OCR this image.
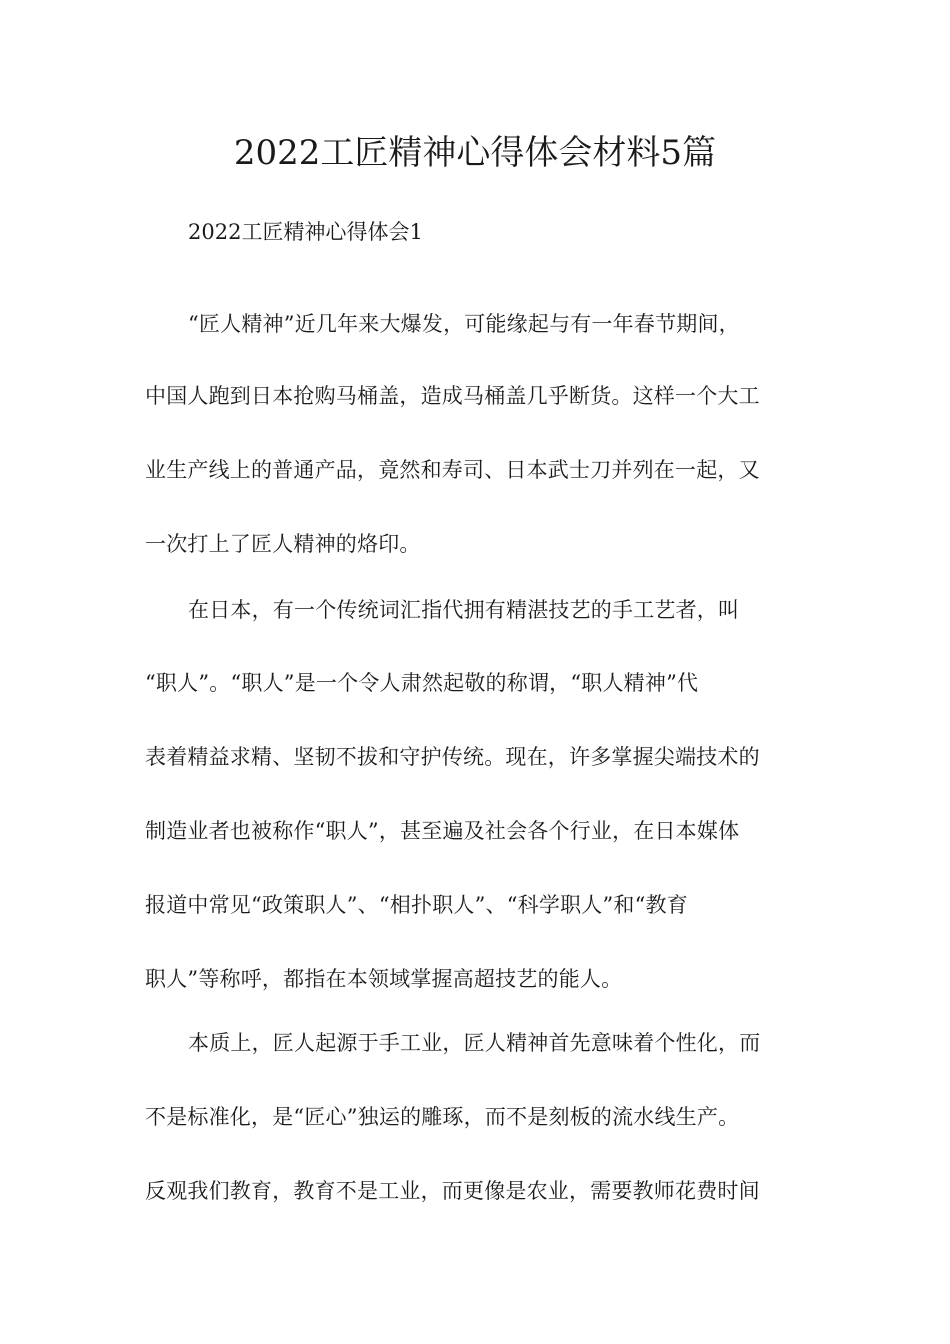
2022工匠精神心得体会材料5篇
2022工匠精神心得体会1

“匠人精神”近几年来大爆发，可能缘起与有一年春节期间，

中国人跑到日本抢购马桶盖，造成马桶盖几乎断货。这样一个大工

业生产线上的普通产品，竟然和寿司、日本武士刀并列在一起，又

一次打上了匠人精神的烙印。

在日本，有一个传统词汇指代拥有精湛技艺的手工艺者，叫

“职人”。“职人”是一个令人肃然起敬的称谓，“职人精神”代

表着精益求精、坚韧不拔和守护传统。现在，许多掌握尖端技术的

制造业者也被称作“职人”，甚至遍及社会各个行业，在日本媒体

报道中常见“政策职人”、“相扑职人”、“科学职人”和“教育

职人”等称呼，都指在本领域掌握高超技艺的能人。

本质上，匠人起源于手工业，匠人精神首先意味着个性化，而

不是标准化，是“匠心”独运的雕琢，而不是刻板的流水线生产。

反观我们教育，教育不是工业，而更像是农业，需要教师花费时间
